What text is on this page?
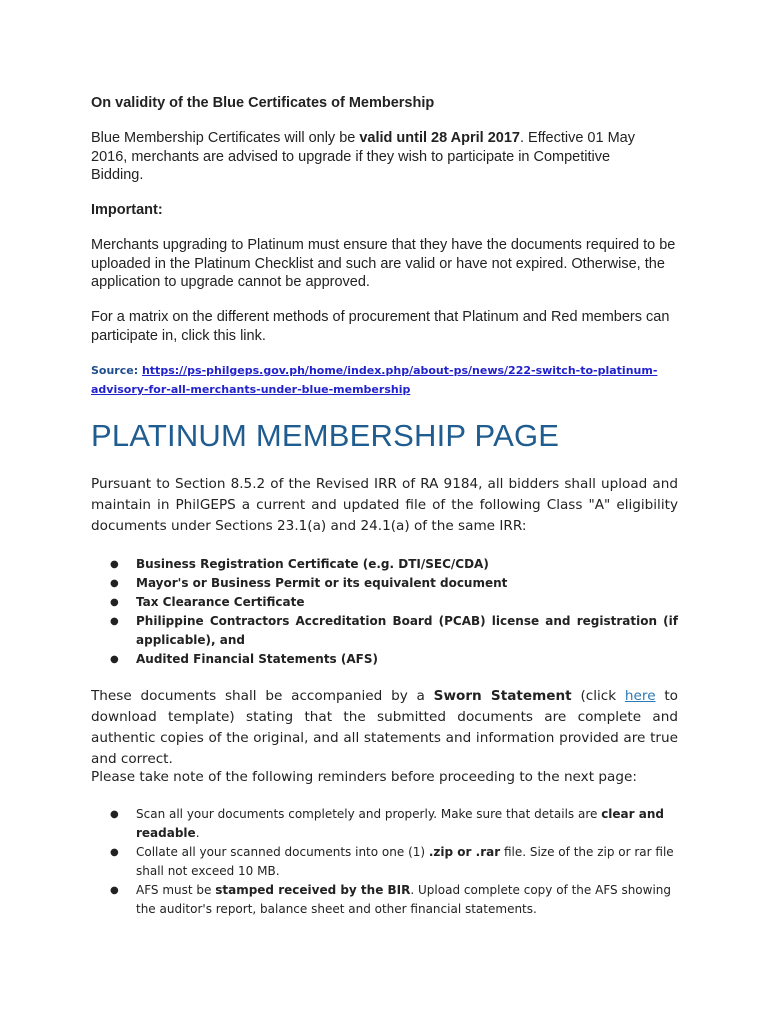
On validity of the Blue Certificates of Membership

Blue Membership Certificates will only be valid until 28 April 2017. Effective 01 May 2016, merchants are advised to upgrade if they wish to participate in Competitive Bidding.

Important:

Merchants upgrading to Platinum must ensure that they have the documents required to be uploaded in the Platinum Checklist and such are valid or have not expired. Otherwise, the application to upgrade cannot be approved.

For a matrix on the different methods of procurement that Platinum and Red members can participate in, click this link.

Source: https://ps-philgeps.gov.ph/home/index.php/about-ps/news/222-switch-to-platinum-advisory-for-all-merchants-under-blue-membership

PLATINUM MEMBERSHIP PAGE

Pursuant to Section 8.5.2 of the Revised IRR of RA 9184, all bidders shall upload and maintain in PhilGEPS a current and updated file of the following Class "A" eligibility documents under Sections 23.1(a) and 24.1(a) of the same IRR:

● Business Registration Certificate (e.g. DTI/SEC/CDA)
● Mayor's or Business Permit or its equivalent document
● Tax Clearance Certificate
● Philippine Contractors Accreditation Board (PCAB) license and registration (if applicable), and
● Audited Financial Statements (AFS)

These documents shall be accompanied by a Sworn Statement (click here to download template) stating that the submitted documents are complete and authentic copies of the original, and all statements and information provided are true and correct.

Please take note of the following reminders before proceeding to the next page:

● Scan all your documents completely and properly. Make sure that details are clear and readable.
● Collate all your scanned documents into one (1) .zip or .rar file. Size of the zip or rar file shall not exceed 10 MB.
● AFS must be stamped received by the BIR. Upload complete copy of the AFS showing the auditor's report, balance sheet and other financial statements.
